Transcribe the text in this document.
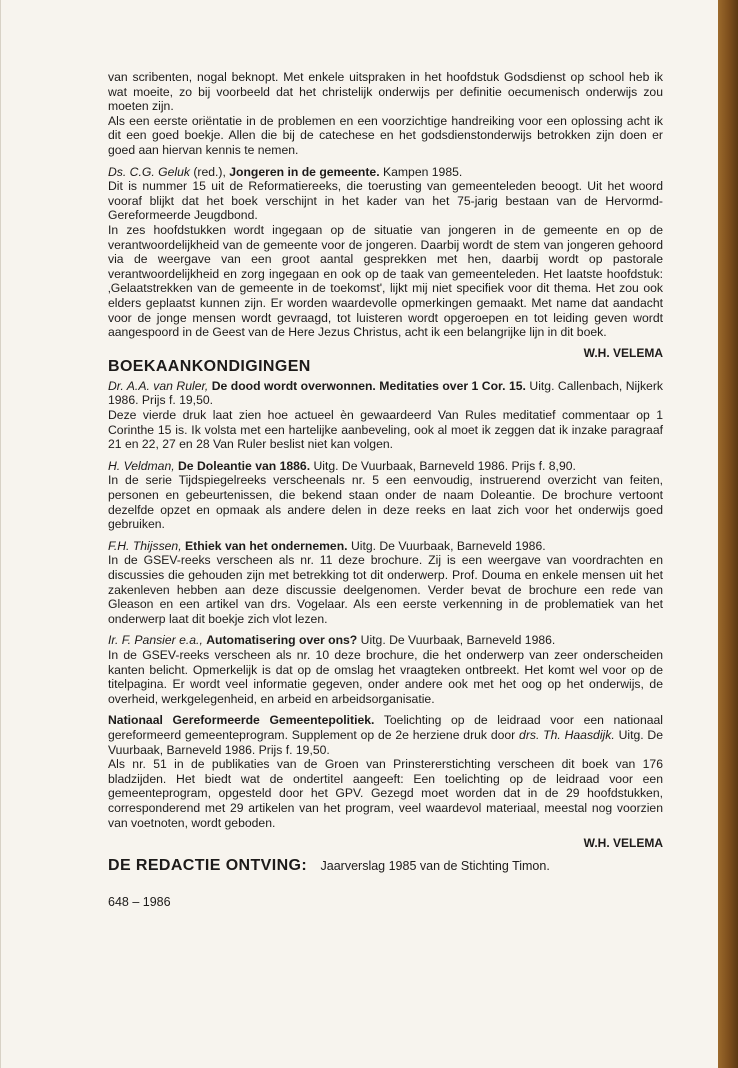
van scribenten, nogal beknopt. Met enkele uitspraken in het hoofdstuk Godsdienst op school heb ik wat moeite, zo bij voorbeeld dat het christelijk onderwijs per definitie oecumenisch onderwijs zou moeten zijn.

Als een eerste oriëntatie in de problemen en een voorzichtige handreiking voor een oplossing acht ik dit een goed boekje. Allen die bij de catechese en het godsdienstonderwijs betrokken zijn doen er goed aan hiervan kennis te nemen.

Ds. C.G. Geluk (red.), Jongeren in de gemeente. Kampen 1985.

Dit is nummer 15 uit de Reformatiereeks, die toerusting van gemeenteleden beoogt. Uit het woord vooraf blijkt dat het boek verschijnt in het kader van het 75-jarig bestaan van de Hervormd-Gereformeerde Jeugdbond.

In zes hoofdstukken wordt ingegaan op de situatie van jongeren in de gemeente en op de verantwoordelijkheid van de gemeente voor de jongeren. Daarbij wordt de stem van jongeren gehoord via de weergave van een groot aantal gesprekken met hen, daarbij wordt op pastorale verantwoordelijkheid en zorg ingegaan en ook op de taak van gemeenteleden. Het laatste hoofdstuk: ‚Gelaatstrekken van de gemeente in de toekomst', lijkt mij niet specifiek voor dit thema. Het zou ook elders geplaatst kunnen zijn. Er worden waardevolle opmerkingen gemaakt. Met name dat aandacht voor de jonge mensen wordt gevraagd, tot luisteren wordt opgeroepen en tot leiding geven wordt aangespoord in de Geest van de Here Jezus Christus, acht ik een belangrijke lijn in dit boek.

W.H. VELEMA
BOEKAANKONDIGINGEN

Dr. A.A. van Ruler, De dood wordt overwonnen. Meditaties over 1 Cor. 15. Uitg. Callenbach, Nijkerk 1986. Prijs f. 19,50.

Deze vierde druk laat zien hoe actueel èn gewaardeerd Van Rules meditatief commentaar op 1 Corinthe 15 is. Ik volsta met een hartelijke aanbeveling, ook al moet ik zeggen dat ik inzake paragraaf 21 en 22, 27 en 28 Van Ruler beslist niet kan volgen.

H. Veldman, De Doleantie van 1886. Uitg. De Vuurbaak, Barneveld 1986. Prijs f. 8,90.

In de serie Tijdspiegelreeks verscheenals nr. 5 een eenvoudig, instruerend overzicht van feiten, personen en gebeurtenissen, die bekend staan onder de naam Doleantie. De brochure vertoont dezelfde opzet en opmaak als andere delen in deze reeks en laat zich voor het onderwijs goed gebruiken.

F.H. Thijssen, Ethiek van het ondernemen. Uitg. De Vuurbaak, Barneveld 1986.

In de GSEV-reeks verscheen als nr. 11 deze brochure. Zij is een weergave van voordrachten en discussies die gehouden zijn met betrekking tot dit onderwerp. Prof. Douma en enkele mensen uit het zakenleven hebben aan deze discussie deelgenomen. Verder bevat de brochure een rede van Gleason en een artikel van drs. Vogelaar. Als een eerste verkenning in de problematiek van het onderwerp laat dit boekje zich vlot lezen.

Ir. F. Pansier e.a., Automatisering over ons? Uitg. De Vuurbaak, Barneveld 1986.

In de GSEV-reeks verscheen als nr. 10 deze brochure, die het onderwerp van zeer onderscheiden kanten belicht. Opmerkelijk is dat op de omslag het vraagteken ontbreekt. Het komt wel voor op de titelpagina. Er wordt veel informatie gegeven, onder andere ook met het oog op het onderwijs, de overheid, werkgelegenheid, en arbeid en arbeidsorganisatie.

Nationaal Gereformeerde Gemeentepolitiek. Toelichting op de leidraad voor een nationaal gereformeerd gemeenteprogram. Supplement op de 2e herziene druk door drs. Th. Haasdijk. Uitg. De Vuurbaak, Barneveld 1986. Prijs f. 19,50.

Als nr. 51 in de publikaties van de Groen van Prinstererstichting verscheen dit boek van 176 bladzijden. Het biedt wat de ondertitel aangeeft: Een toelichting op de leidraad voor een gemeenteprogram, opgesteld door het GPV. Gezegd moet worden dat in de 29 hoofdstukken, corresponderend met 29 artikelen van het program, veel waardevol materiaal, meestal nog voorzien van voetnoten, wordt geboden.

W.H. VELEMA
DE REDACTIE ONTVING: Jaarverslag 1985 van de Stichting Timon.
648 – 1986
